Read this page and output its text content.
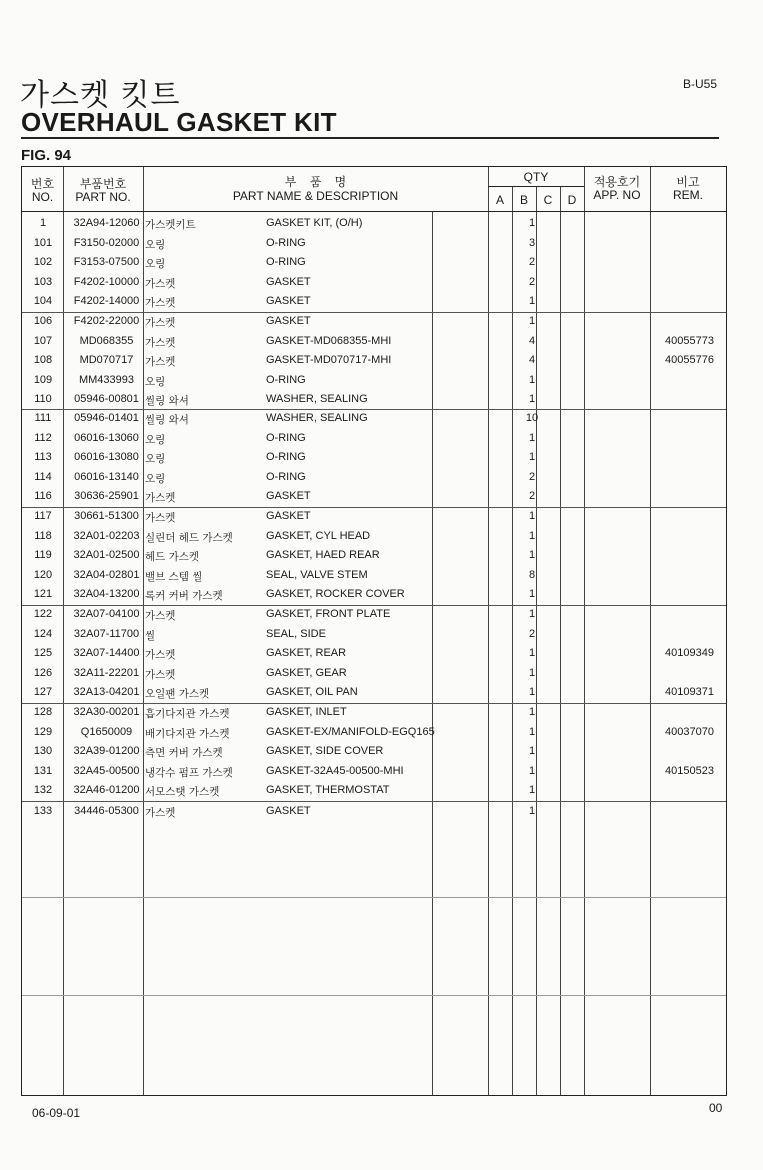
가스켓 킷트
OVERHAUL GASKET KIT
B-U55
FIG. 94
번호
NO.
부품번호
PART NO.
부    품    명
PART NAME & DESCRIPTION
QTY
A	B	C	D
적용호기
APP. NO
비고
REM.
1	32A94-12060 가스켓키트	GASKET KIT, (O/H)	1
101	F3150-02000 오링	O-RING	3
102	F3153-07500 오링	O-RING	2
103	F4202-10000 가스켓	GASKET	2
104	F4202-14000 가스켓	GASKET	1
106	F4202-22000 가스켓	GASKET	1
107	MD068355	가스켓	GASKET-MD068355-MHI	4	40055773
108	MD070717	가스켓	GASKET-MD070717-MHI	4	40055776
109	MM433993	오링	O-RING	1
110	05946-00801 씰링 와셔	WASHER, SEALING	1
111	05946-01401 씰링 와셔	WASHER, SEALING	10
112	06016-13060 오링	O-RING	1
113	06016-13080 오링	O-RING	1
114	06016-13140 오링	O-RING	2
116	30636-25901 가스켓	GASKET	2
117	30661-51300 가스켓	GASKET	1
118	32A01-02203 실린더 헤드 가스켓	GASKET, CYL HEAD	1
119	32A01-02500 헤드 가스켓	GASKET, HAED REAR	1
120	32A04-02801 밸브 스템 씰	SEAL, VALVE STEM	8
121	32A04-13200 록커 커버 가스켓	GASKET, ROCKER COVER	1
122	32A07-04100 가스켓	GASKET, FRONT PLATE	1
124	32A07-11700 씰	SEAL, SIDE	2
125	32A07-14400 가스켓	GASKET, REAR	1	40109349
126	32A11-22201 가스켓	GASKET, GEAR	1
127	32A13-04201 오일팬 가스켓	GASKET, OIL PAN	1	40109371
128	32A30-00201 흡기다지관 가스켓	GASKET, INLET	1
129	Q1650009	배기다지관 가스켓	GASKET-EX/MANIFOLD-EGQ165	1	40037070
130	32A39-01200 측면 커버 가스켓	GASKET, SIDE COVER	1
131	32A45-00500 냉각수 펌프 가스켓	GASKET-32A45-00500-MHI	1	40150523
132	32A46-01200 서모스탯 가스켓	GASKET, THERMOSTAT	1
133	34446-05300 가스켓	GASKET	1
06-09-01	00
